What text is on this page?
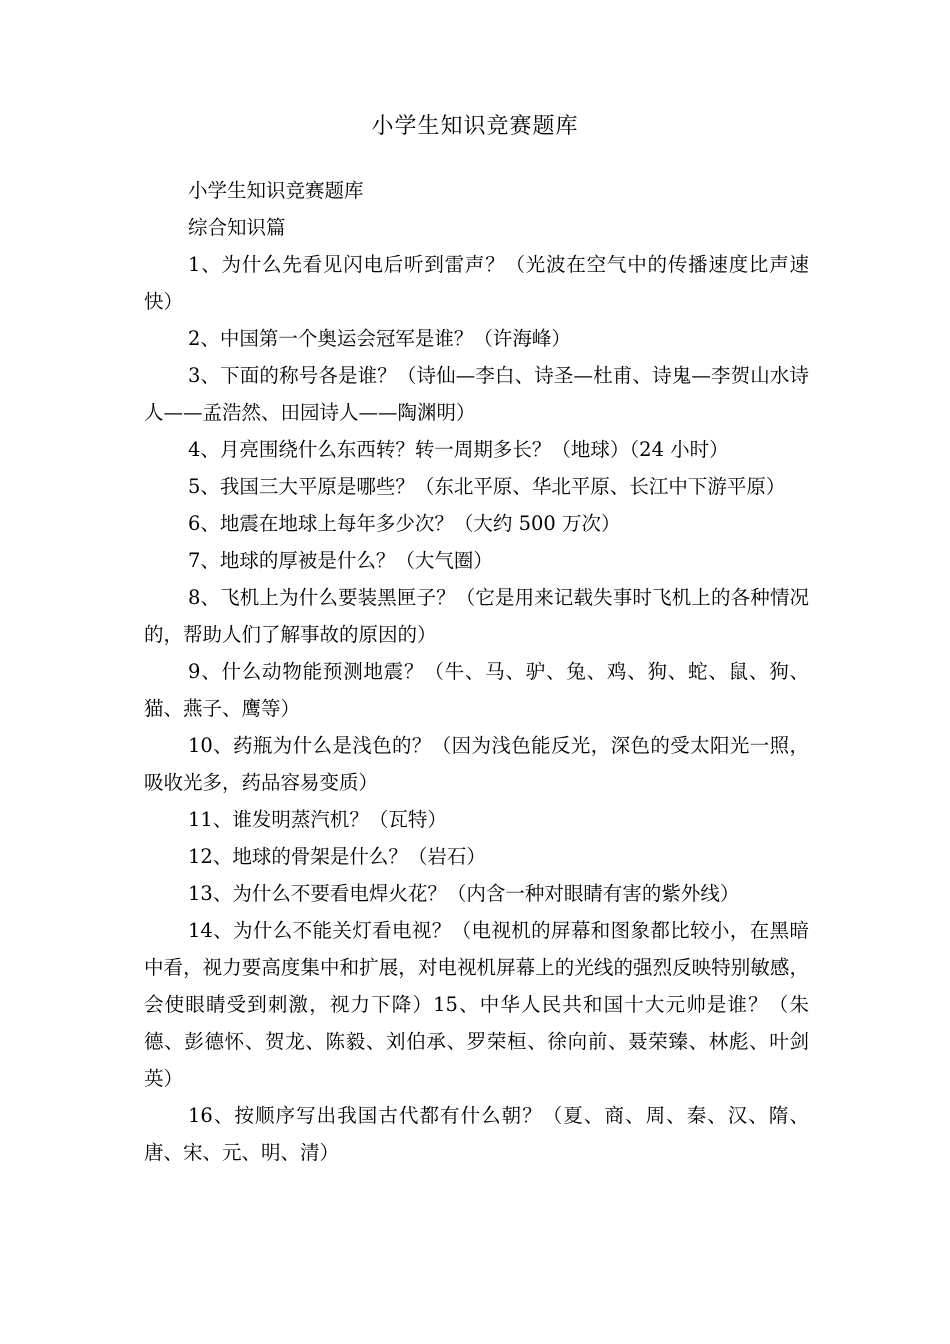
小学生知识竞赛题库

小学生知识竞赛题库

综合知识篇

1、为什么先看见闪电后听到雷声？（光波在空气中的传播速度比声速快）

2、中国第一个奥运会冠军是谁？（许海峰）

3、下面的称号各是谁？（诗仙—李白、诗圣—杜甫、诗鬼—李贺山水诗人——孟浩然、田园诗人——陶渊明）

4、月亮围绕什么东西转？转一周期多长？（地球）（24 小时）

5、我国三大平原是哪些？（东北平原、华北平原、长江中下游平原）

6、地震在地球上每年多少次？（大约 500 万次）

7、地球的厚被是什么？（大气圈）

8、飞机上为什么要装黑匣子？（它是用来记载失事时飞机上的各种情况的，帮助人们了解事故的原因的）

9、什么动物能预测地震？（牛、马、驴、兔、鸡、狗、蛇、鼠、狗、猫、燕子、鹰等）

10、药瓶为什么是浅色的？（因为浅色能反光，深色的受太阳光一照，吸收光多，药品容易变质）

11、谁发明蒸汽机？（瓦特）

12、地球的骨架是什么？（岩石）

13、为什么不要看电焊火花？（内含一种对眼睛有害的紫外线）

14、为什么不能关灯看电视？（电视机的屏幕和图象都比较小，在黑暗中看，视力要高度集中和扩展，对电视机屏幕上的光线的强烈反映特别敏感，会使眼睛受到刺激，视力下降）15、中华人民共和国十大元帅是谁？（朱德、彭德怀、贺龙、陈毅、刘伯承、罗荣桓、徐向前、聂荣臻、林彪、叶剑英）

16、按顺序写出我国古代都有什么朝？（夏、商、周、秦、汉、隋、唐、宋、元、明、清）
